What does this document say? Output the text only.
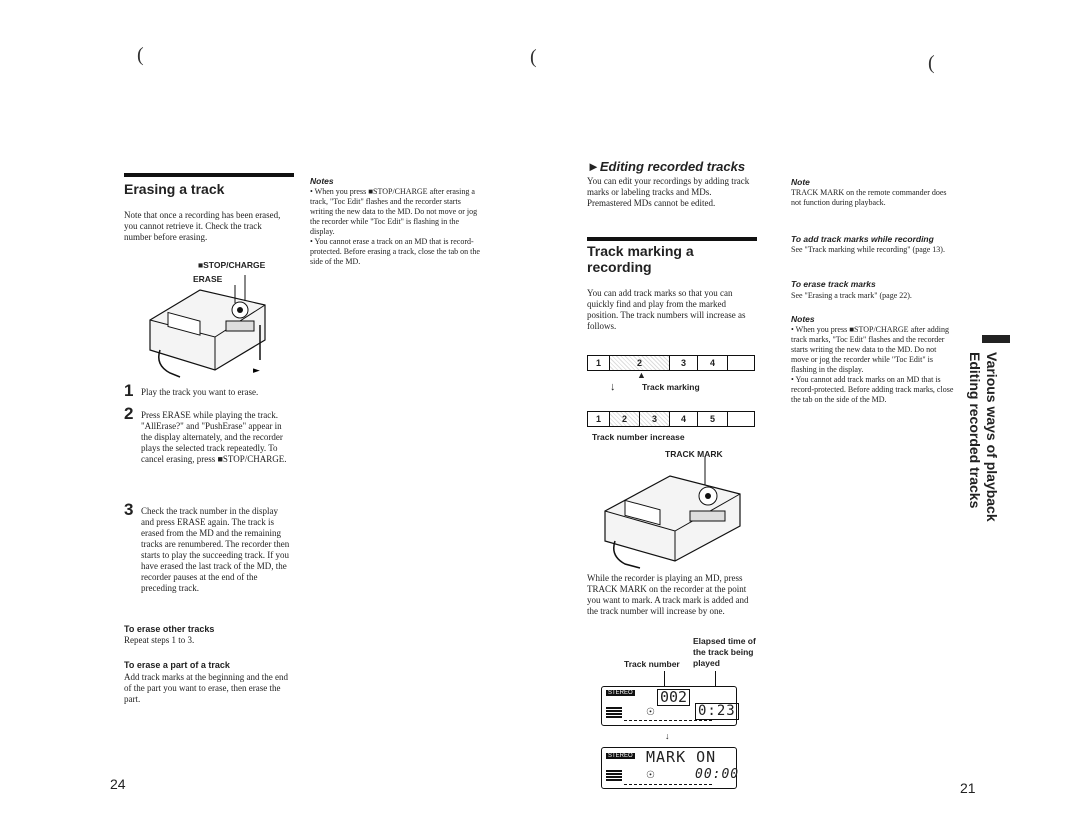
(	(	(
Erasing a track
Note that once a recording has been erased, you cannot retrieve it. Check the track number before erasing.
■STOP/CHARGE
ERASE
►
1 Play the track you want to erase.
2 Press ERASE while playing the track. "AllErase?" and "PushErase" appear in the display alternately, and the recorder plays the selected track repeatedly. To cancel erasing, press ■STOP/CHARGE.
3 Check the track number in the display and press ERASE again. The track is erased from the MD and the remaining tracks are renumbered. The recorder then starts to play the succeeding track. If you have erased the last track of the MD, the recorder pauses at the end of the preceding track.
To erase other tracks
Repeat steps 1 to 3.
To erase a part of a track
Add track marks at the beginning and the end of the part you want to erase, then erase the part.
Notes
• When you press ■STOP/CHARGE after erasing a track, "Toc Edit" flashes and the recorder starts writing the new data to the MD. Do not move or jog the recorder while "Toc Edit" is flashing in the display.
• You cannot erase a track on an MD that is record-protected. Before erasing a track, close the tab on the side of the MD.
24
►Editing recorded tracks
You can edit your recordings by adding track marks or labeling tracks and MDs. Premastered MDs cannot be edited.
Track marking a recording
You can add track marks so that you can quickly find and play from the marked position. The track numbers will increase as follows.
1	2	3	4
▲
↓	Track marking
1	2	3	4	5
Track number increase
TRACK MARK
While the recorder is playing an MD, press TRACK MARK on the recorder at the point you want to mark. A track mark is added and the track number will increase by one.
Elapsed time of the track being played
Track number
STEREO 002
0:23
☉
↓
STEREO MARK ON
00:00
☉
Note
TRACK MARK on the remote commander does not function during playback.
To add track marks while recording
See "Track marking while recording" (page 13).
To erase track marks
See "Erasing a track mark" (page 22).
Notes
• When you press ■STOP/CHARGE after adding track marks, "Toc Edit" flashes and the recorder starts writing the new data to the MD. Do not move or jog the recorder while "Toc Edit" is flashing in the display.
• You cannot add track marks on an MD that is record-protected. Before adding track marks, close the tab on the side of the MD.	Various ways of playback
Editing recorded tracks
21
